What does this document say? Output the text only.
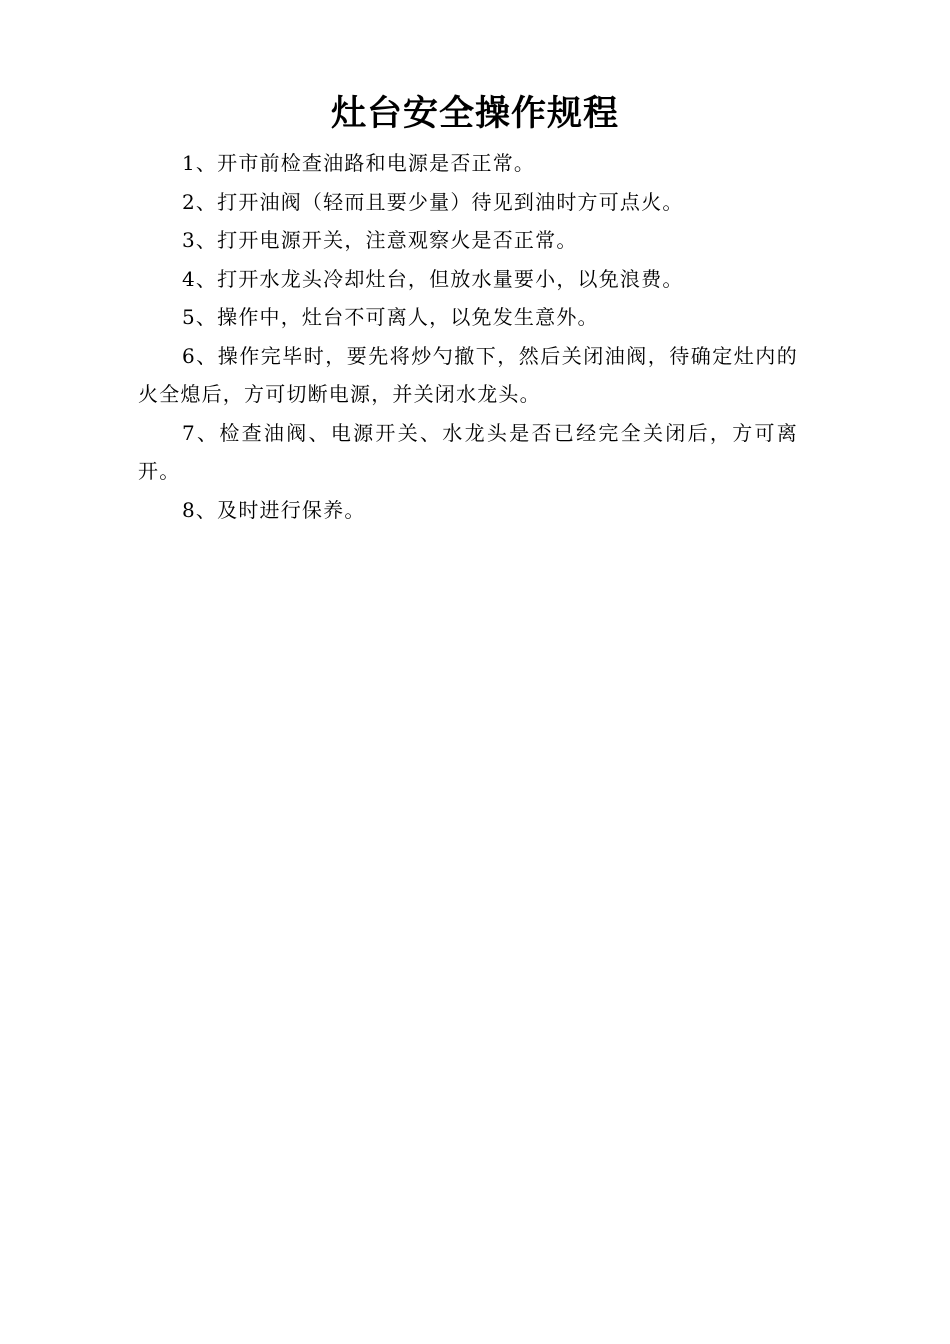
灶台安全操作规程

1、开市前检查油路和电源是否正常。

2、打开油阀（轻而且要少量）待见到油时方可点火。

3、打开电源开关，注意观察火是否正常。

4、打开水龙头冷却灶台，但放水量要小，以免浪费。

5、操作中，灶台不可离人，以免发生意外。

6、操作完毕时，要先将炒勺撤下，然后关闭油阀，待确定灶内的火全熄后，方可切断电源，并关闭水龙头。

7、检查油阀、电源开关、水龙头是否已经完全关闭后，方可离开。

8、及时进行保养。
